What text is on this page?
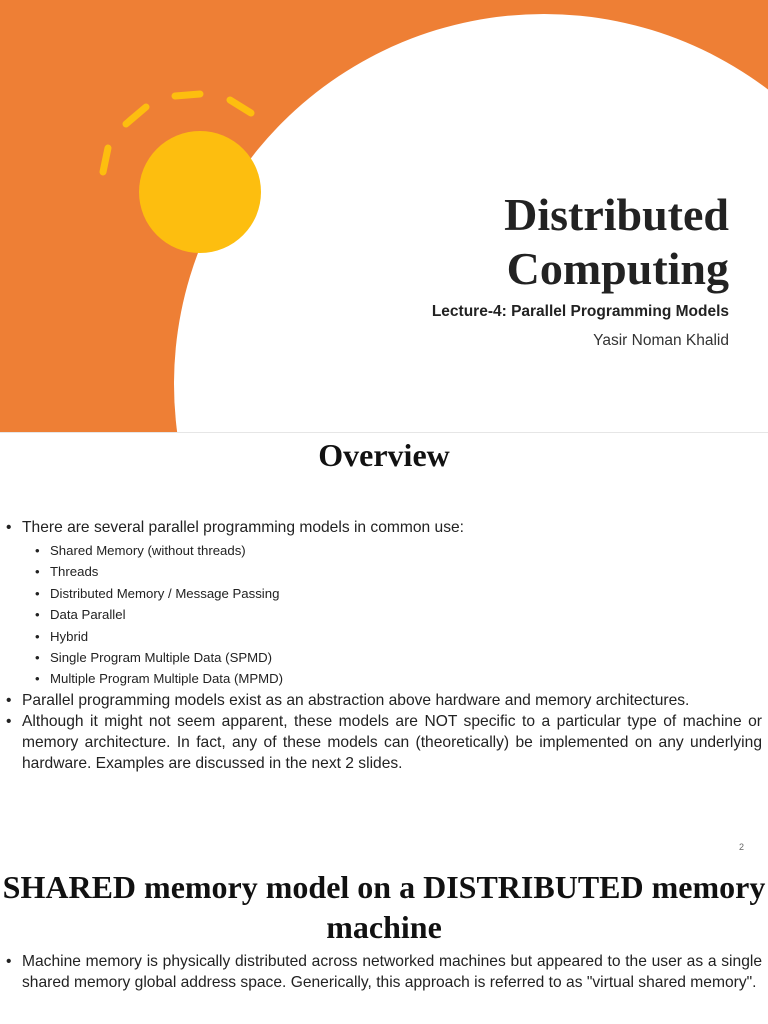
Distributed
Computing
Lecture-4: Parallel Programming Models
Yasir Noman Khalid
Overview
• There are several parallel programming models in common use:
• Shared Memory (without threads)
• Threads
• Distributed Memory / Message Passing
• Data Parallel
• Hybrid
• Single Program Multiple Data (SPMD)
• Multiple Program Multiple Data (MPMD)
• Parallel programming models exist as an abstraction above hardware and memory architectures.
• Although it might not seem apparent, these models are NOT specific to a particular type of machine or memory architecture. In fact, any of these models can (theoretically) be implemented on any underlying hardware. Examples are discussed in the next 2 slides.
2
SHARED memory model on a DISTRIBUTED memory machine
• Machine memory is physically distributed across networked machines but appeared to the user as a single shared memory global address space. Generically, this approach is referred to as "virtual shared memory".
